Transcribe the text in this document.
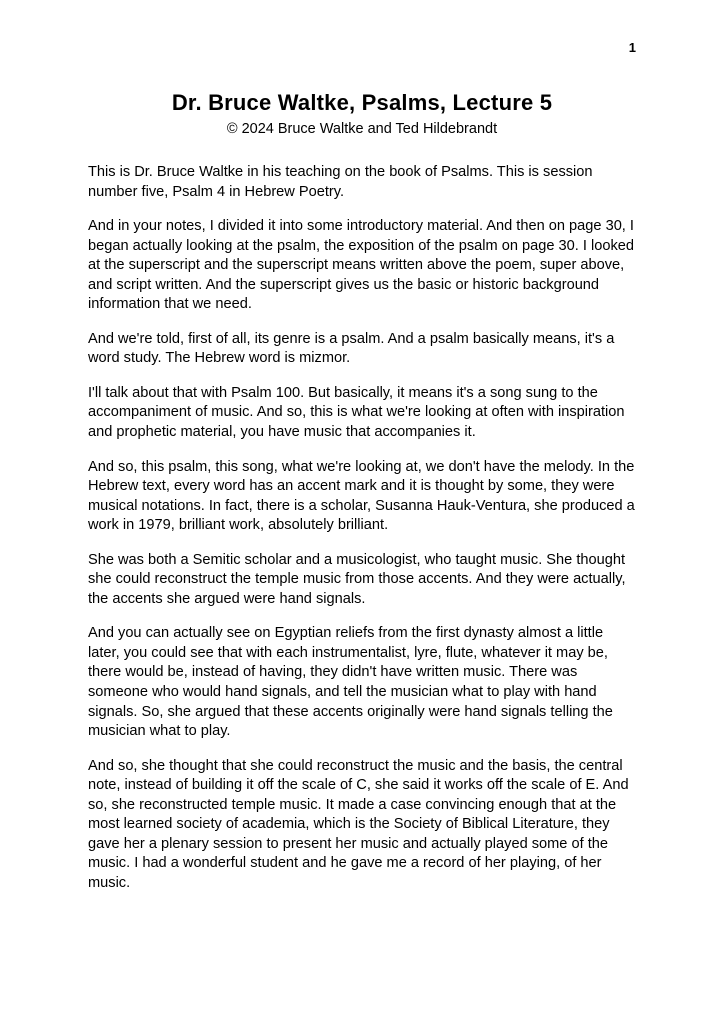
1
Dr. Bruce Waltke, Psalms, Lecture 5

© 2024 Bruce Waltke and Ted Hildebrandt

This is Dr. Bruce Waltke in his teaching on the book of Psalms. This is session number five, Psalm 4 in Hebrew Poetry.

And in your notes, I divided it into some introductory material. And then on page 30, I began actually looking at the psalm, the exposition of the psalm on page 30. I looked at the superscript and the superscript means written above the poem, super above, and script written. And the superscript gives us the basic or historic background information that we need.

And we're told, first of all, its genre is a psalm. And a psalm basically means, it's a word study. The Hebrew word is mizmor.

I'll talk about that with Psalm 100. But basically, it means it's a song sung to the accompaniment of music. And so, this is what we're looking at often with inspiration and prophetic material, you have music that accompanies it.

And so, this psalm, this song, what we're looking at, we don't have the melody. In the Hebrew text, every word has an accent mark and it is thought by some, they were musical notations. In fact, there is a scholar, Susanna Hauk-Ventura, she produced a work in 1979, brilliant work, absolutely brilliant.

She was both a Semitic scholar and a musicologist, who taught music. She thought she could reconstruct the temple music from those accents. And they were actually, the accents she argued were hand signals.

And you can actually see on Egyptian reliefs from the first dynasty almost a little later, you could see that with each instrumentalist, lyre, flute, whatever it may be, there would be, instead of having, they didn't have written music. There was someone who would hand signals, and tell the musician what to play with hand signals. So, she argued that these accents originally were hand signals telling the musician what to play.

And so, she thought that she could reconstruct the music and the basis, the central note, instead of building it off the scale of C, she said it works off the scale of E. And so, she reconstructed temple music. It made a case convincing enough that at the most learned society of academia, which is the Society of Biblical Literature, they gave her a plenary session to present her music and actually played some of the music. I had a wonderful student and he gave me a record of her playing, of her music.
